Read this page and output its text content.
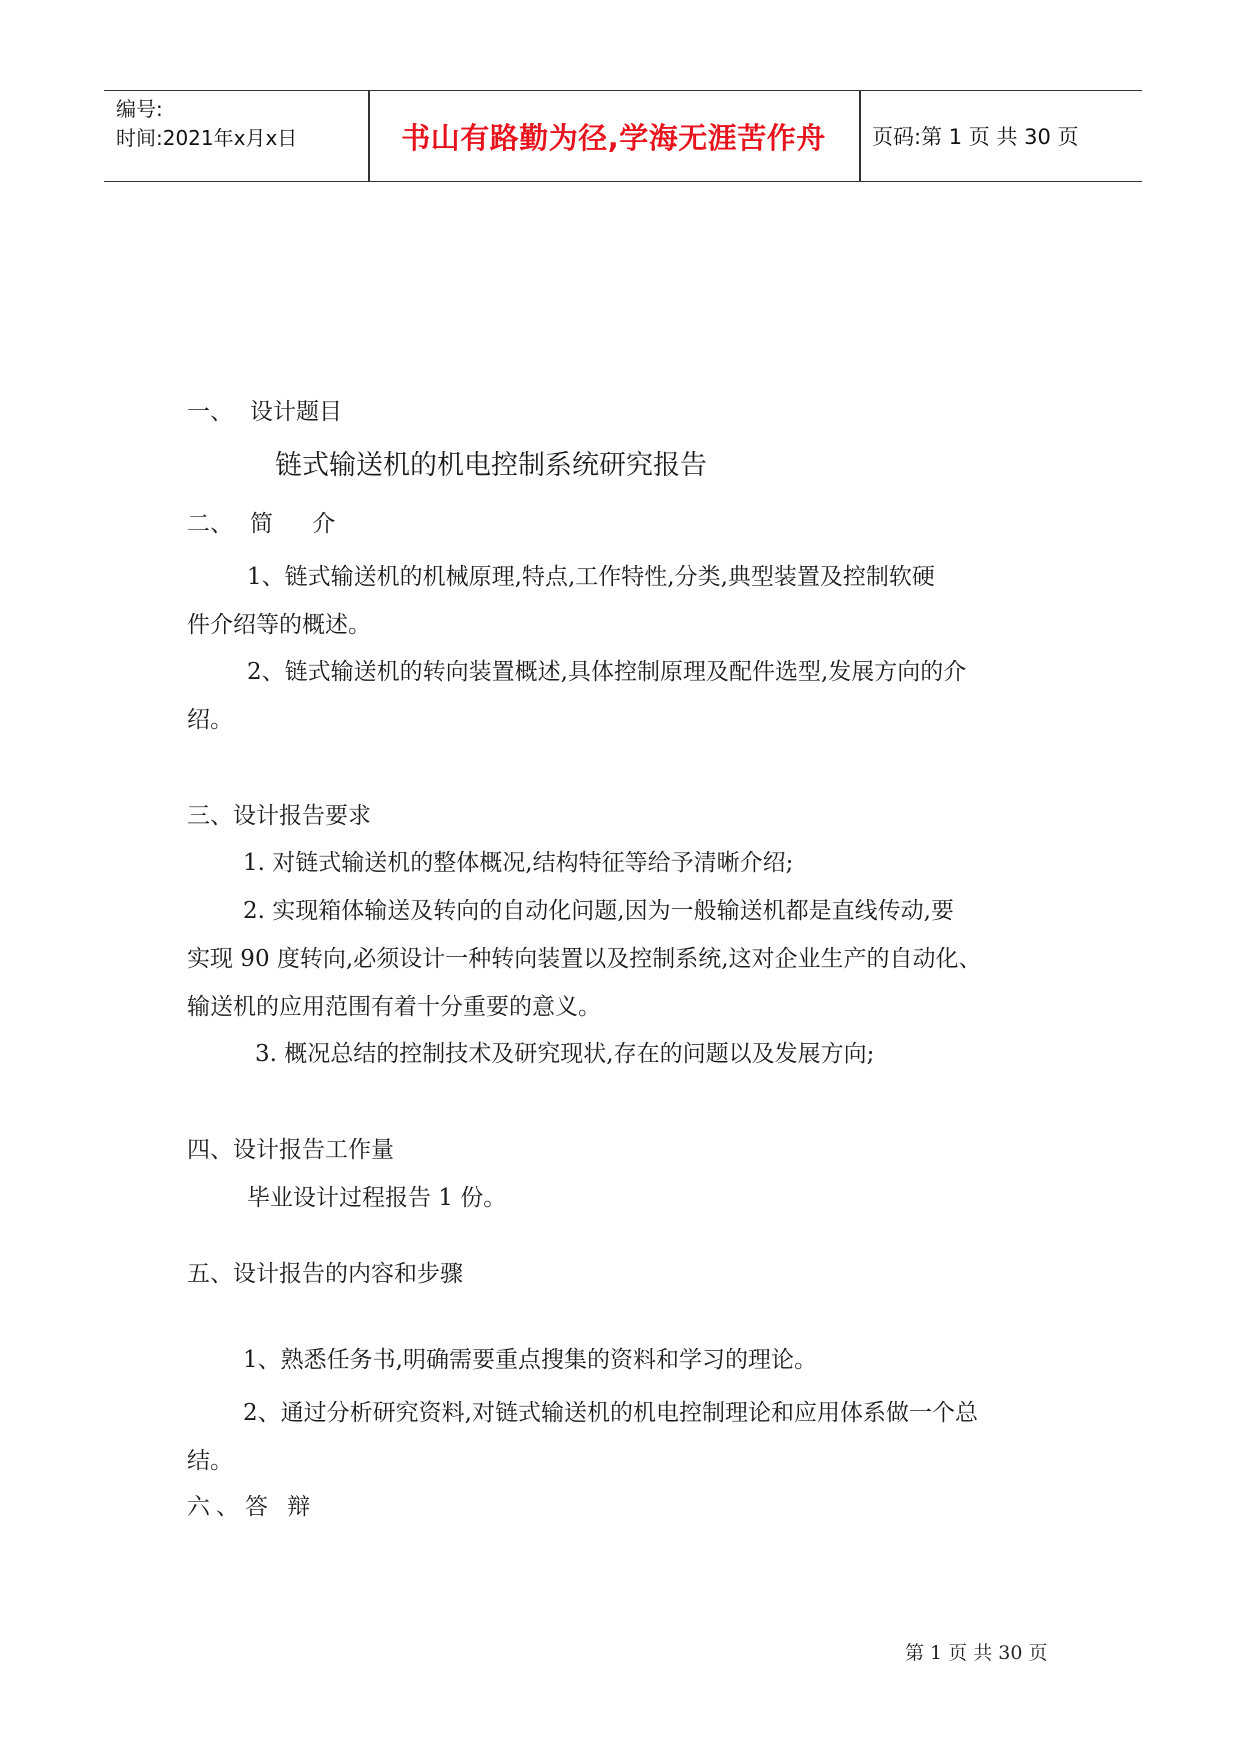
编号:
时间:2021年x月x日	书山有路勤为径,学海无涯苦作舟	页码:第 1 页 共 30 页
一、 设计题目
链式输送机的机电控制系统研究报告
二、 简 介
1、链式输送机的机械原理,特点,工作特性,分类,典型装置及控制软硬
件介绍等的概述。
2、链式输送机的转向装置概述,具体控制原理及配件选型,发展方向的介
绍。
三、设计报告要求
1. 对链式输送机的整体概况,结构特征等给予清晰介绍;
2. 实现箱体输送及转向的自动化问题,因为一般输送机都是直线传动,要
实现 90 度转向,必须设计一种转向装置以及控制系统,这对企业生产的自动化、
输送机的应用范围有着十分重要的意义。
3. 概况总结的控制技术及研究现状,存在的问题以及发展方向;
四、设计报告工作量
毕业设计过程报告 1 份。
五、设计报告的内容和步骤
1、熟悉任务书,明确需要重点搜集的资料和学习的理论。
2、通过分析研究资料,对链式输送机的机电控制理论和应用体系做一个总
结。
六、答 辩
第 1 页 共 30 页
